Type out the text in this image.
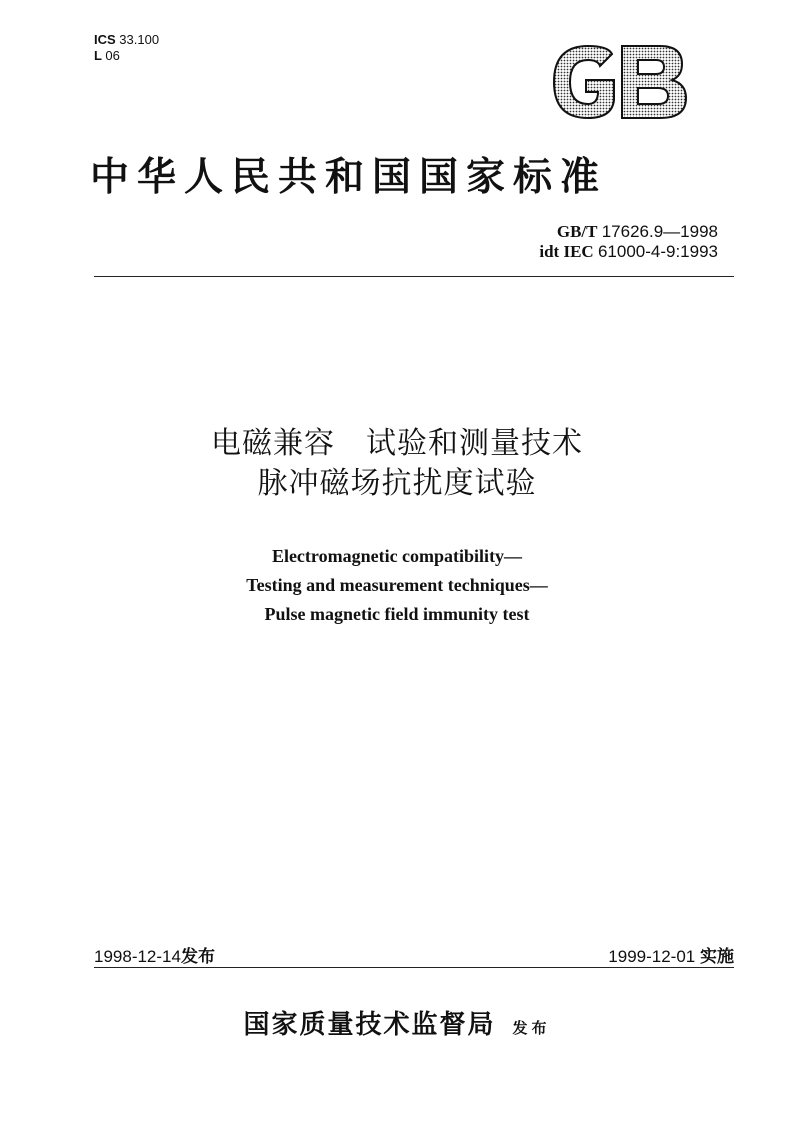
ICS 33.100
L 06
中华人民共和国国家标准
GB/T 17626.9—1998
idt IEC 61000-4-9:1993
电磁兼容　试验和测量技术
脉冲磁场抗扰度试验
Electromagnetic compatibility—
Testing and measurement techniques—
Pulse magnetic field immunity test
1998-12-14发布	1999-12-01 实施
国家质量技术监督局 发布
